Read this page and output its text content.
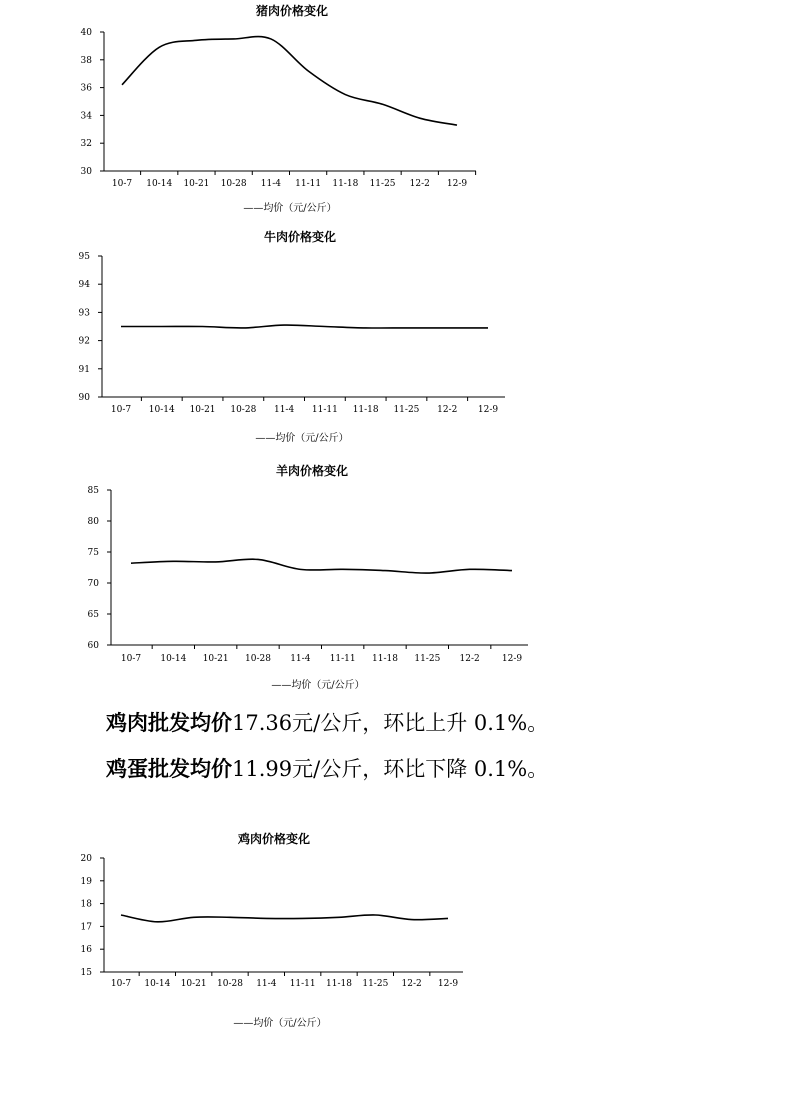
猪肉价格变化
30
32
34
36
38
40
10-7 10-14 10-21 10-28 11-4 11-11 11-18 11-25 12-2 12-9
——均价（元/公斤）
牛肉价格变化
90
91
92
93
94
95
10-7 10-14 10-21 10-28 11-4 11-11 11-18 11-25 12-2 12-9
——均价（元/公斤）
羊肉价格变化
60
65
70
75
80
85
10-7 10-14 10-21 10-28 11-4 11-11 11-18 11-25 12-2 12-9
——均价（元/公斤）
鸡肉批发均价17.36元/公斤，环比上升 0.1%。
鸡蛋批发均价11.99元/公斤，环比下降 0.1%。
鸡肉价格变化
15
16
17
18
19
20
10-7 10-14 10-21 10-28 11-4 11-11 11-18 11-25 12-2 12-9
——均价（元/公斤）
